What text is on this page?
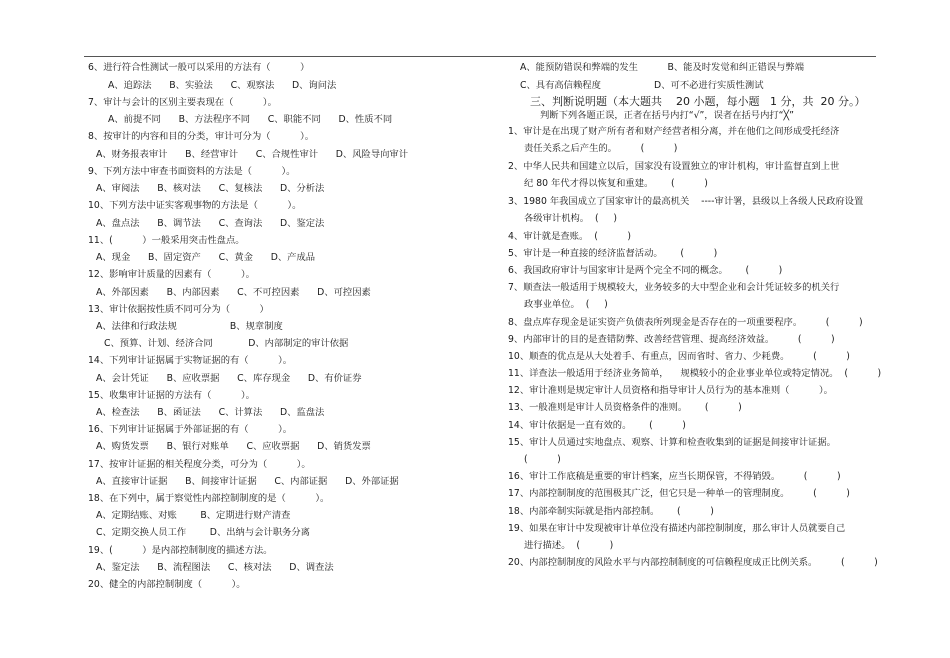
6、进行符合性测试一般可以采用的方法有（          ）
A、追踪法      B、实验法      C、观察法      D、询问法
7、审计与会计的区别主要表现在（          ）。
A、前提不同      B、方法程序不同      C、职能不同      D、性质不同
8、按审计的内容和目的分类，审计可分为（          ）。
A、财务报表审计      B、经营审计      C、合规性审计      D、风险导向审计
9、下列方法中审查书面资料的方法是（          ）。
A、审阅法      B、核对法      C、复核法      D、分析法
10、下列方法中证实客观事物的方法是（          ）。
A、盘点法      B、调节法      C、查询法      D、鉴定法
11、(          ）一般采用突击性盘点。
A、现金      B、固定资产      C、黄金      D、产成品
12、影响审计质量的因素有（          ）。
A、外部因素      B、内部因素      C、不可控因素      D、可控因素
13、审计依据按性质不同可分为（          ）
A、法律和行政法规                  B、规章制度
C、预算、计划、经济合同            D、内部制定的审计依据
14、下列审计证据属于实物证据的有（          ）。
A、会计凭证      B、应收票据      C、库存现金      D、有价证券
15、收集审计证据的方法有（          ）。
A、检查法      B、函证法      C、计算法      D、监盘法
16、下列审计证据属于外部证据的有（          ）。
A、购货发票      B、银行对账单      C、应收票据      D、销货发票
17、按审计证据的相关程度分类，可分为（          ）。
A、直接审计证据      B、间接审计证据      C、内部证据      D、外部证据
18、在下列中，属于察觉性内部控制制度的是（          ）。
A、定期结账、对账        B、定期进行财产清查
C、定期交换人员工作        D、出纳与会计职务分离
19、(          ）是内部控制制度的描述方法。
A、鉴定法      B、流程图法      C、核对法      D、调查法
20、健全的内部控制制度（          ）。
A、能预防错误和弊端的发生          B、能及时发觉和纠正错误与弊端
C、具有高信赖程度                  D、可不必进行实质性测试
三、判断说明题（本大题共    20 小题，每小题   1 分，共  20 分。）
判断下列各题正误，正者在括号内打“√”，误者在括号内打“╳”
1、审计是在出现了财产所有者和财产经营者相分离，并在他们之间形成受托经济
责任关系之后产生的。        (          )
2、中华人民共和国建立以后，国家没有设置独立的审计机构，审计监督直到上世
纪 80 年代才得以恢复和重建。      (          )
3、1980 年我国成立了国家审计的最高机关    ----审计署，县级以上各级人民政府设置
各级审计机构。  (     )
4、审计就是查账。  (          )
5、审计是一种直接的经济监督活动。      (          )
6、我国政府审计与国家审计是两个完全不同的概念。      (          )
7、顺查法一般适用于规模较大，业务较多的大中型企业和会计凭证较多的机关行
政事业单位。  (     )
8、盘点库存现金是证实资产负债表所列现金是否存在的一项重要程序。        (          )
9、内部审计的目的是查错防弊、改善经营管理、提高经济效益。        (          )
10、顺查的优点是从大处着手、有重点，因而省时、省力、少耗费。        (          )
11、详查法一般适用于经济业务简单，    规模较小的企业事业单位或特定情况。  (          )
12、审计准则是规定审计人员资格和指导审计人员行为的基本准则（          ）。
13、一般准则是审计人员资格条件的准则。      (          )
14、审计依据是一直有效的。      (          )
15、审计人员通过实地盘点、观察、计算和检查收集到的证据是间接审计证据。
(          )
16、审计工作底稿是重要的审计档案，应当长期保管，不得销毁。        (          )
17、内部控制制度的范围极其广泛，但它只是一种单一的管理制度。        (          )
18、内部牵制实际就是指内部控制。      (          )
19、如果在审计中发现被审计单位没有描述内部控制制度，那么审计人员就要自己
进行描述。  (          )
20、内部控制制度的风险水平与内部控制制度的可信赖程度成正比例关系。        (          )
